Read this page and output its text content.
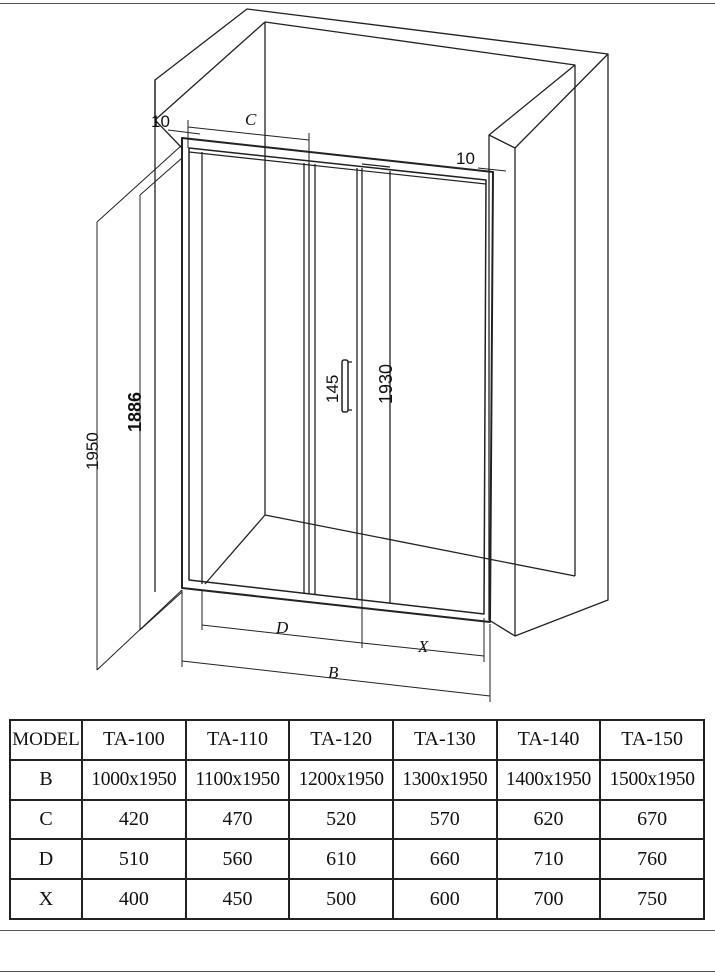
10	C
10
1950
1886
145 1930
D
X
B
MODEL	TA-100	TA-110	TA-120	TA-130	TA-140	TA-150
B	1000x1950	1100x1950	1200x1950	1300x1950	1400x1950	1500x1950
C	420	470	520	570	620	670
D	510	560	610	660	710	760
X	400	450	500	600	700	750
